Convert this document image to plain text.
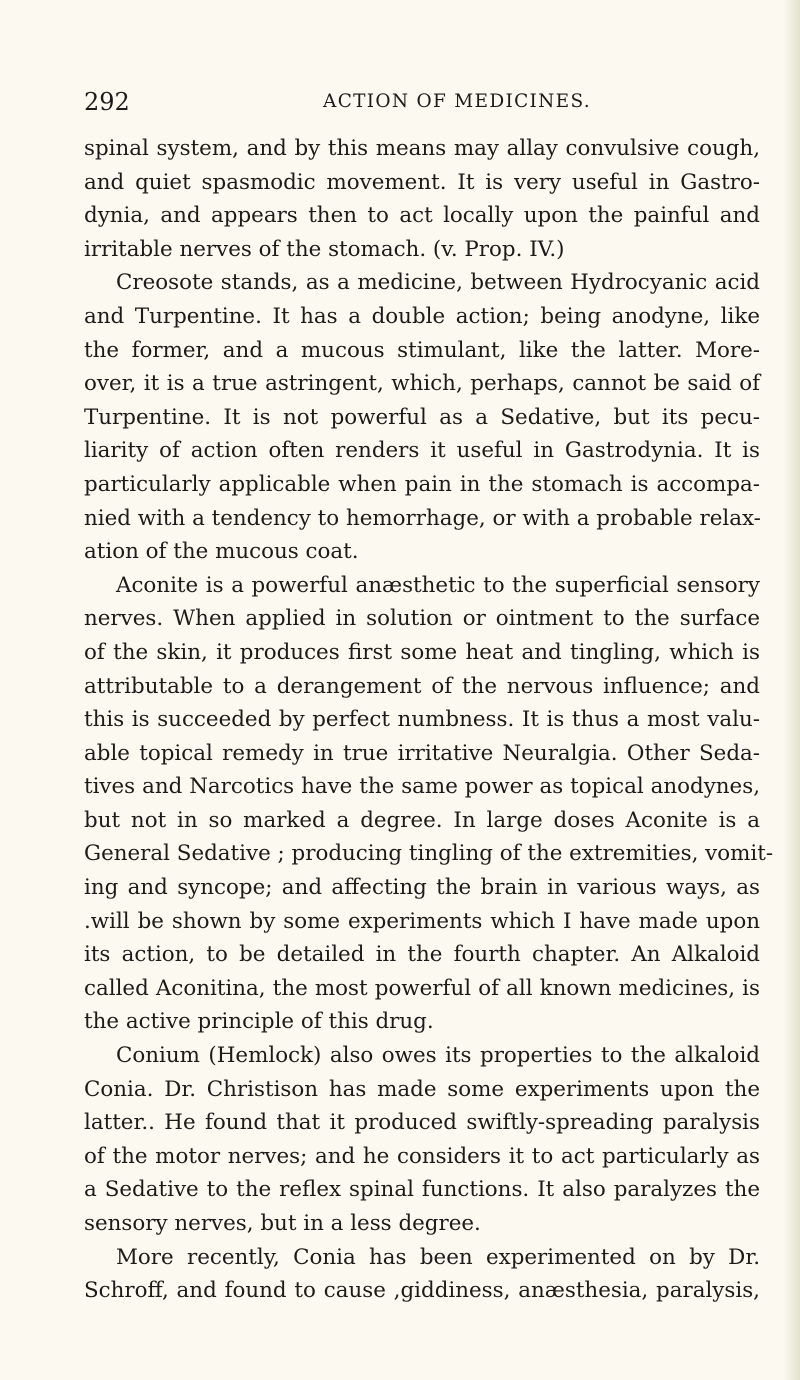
292	ACTION OF MEDICINES.
spinal system, and by this means may allay convulsive cough,
and quiet spasmodic movement. It is very useful in Gastro-
dynia, and appears then to act locally upon the painful and
irritable nerves of the stomach. (v. Prop. IV.)
Creosote stands, as a medicine, between Hydrocyanic acid
and Turpentine. It has a double action; being anodyne, like
the former, and a mucous stimulant, like the latter. More-
over, it is a true astringent, which, perhaps, cannot be said of
Turpentine. It is not powerful as a Sedative, but its pecu-
liarity of action often renders it useful in Gastrodynia. It is
particularly applicable when pain in the stomach is accompa-
nied with a tendency to hemorrhage, or with a probable relax-
ation of the mucous coat.
Aconite is a powerful anæsthetic to the superficial sensory
nerves. When applied in solution or ointment to the surface
of the skin, it produces first some heat and tingling, which is
attributable to a derangement of the nervous influence; and
this is succeeded by perfect numbness. It is thus a most valu-
able topical remedy in true irritative Neuralgia. Other Seda-
tives and Narcotics have the same power as topical anodynes,
but not in so marked a degree. In large doses Aconite is a
General Sedative ; producing tingling of the extremities, vomit-
ing and syncope; and affecting the brain in various ways, as
.will be shown by some experiments which I have made upon
its action, to be detailed in the fourth chapter. An Alkaloid
called Aconitina, the most powerful of all known medicines, is
the active principle of this drug.
Conium (Hemlock) also owes its properties to the alkaloid
Conia. Dr. Christison has made some experiments upon the
latter.. He found that it produced swiftly-spreading paralysis
of the motor nerves; and he considers it to act particularly as
a Sedative to the reflex spinal functions. It also paralyzes the
sensory nerves, but in a less degree.
More recently, Conia has been experimented on by Dr.
Schroff, and found to cause ,giddiness, anæsthesia, paralysis,
